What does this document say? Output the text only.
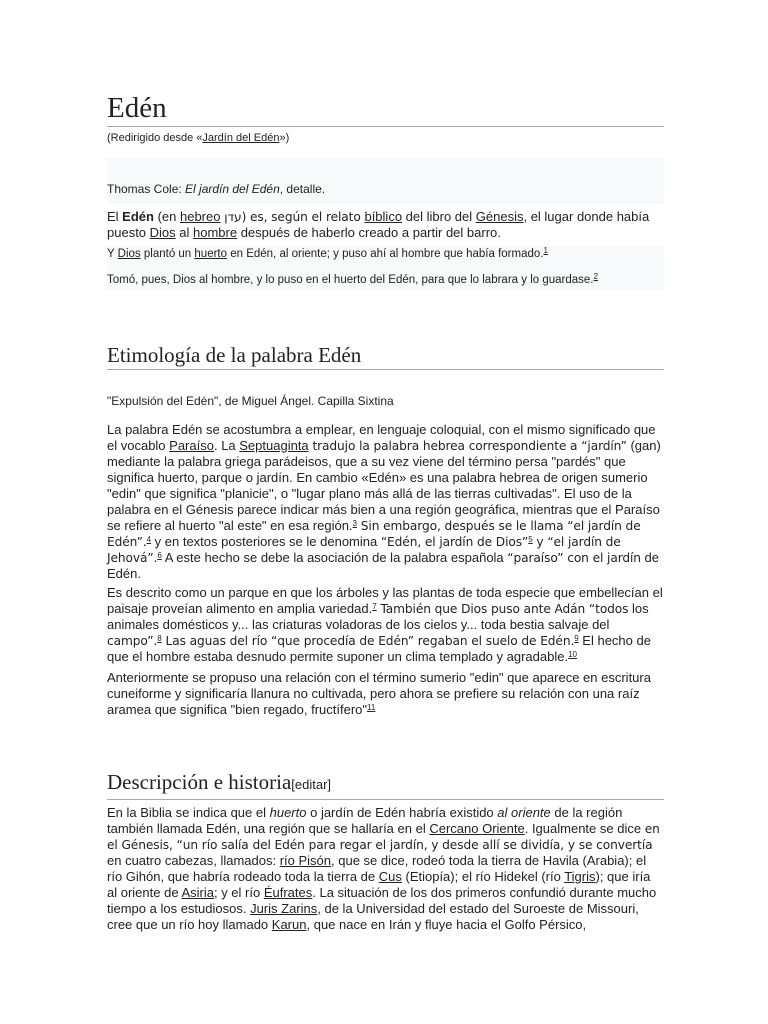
Edén
(Redirigido desde «Jardín del Edén»)
Thomas Cole: El jardín del Edén, detalle.
El Edén (en hebreo עדן) es, según el relato bíblico del libro del Génesis, el lugar donde había puesto Dios al hombre después de haberlo creado a partir del barro.
Y Dios plantó un huerto en Edén, al oriente; y puso ahí al hombre que había formado.$^1$
Tomó, pues, Dios al hombre, y lo puso en el huerto del Edén, para que lo labrara y lo guardase.$^2$
Etimología de la palabra Edén
"Expulsión del Edén", de Miguel Ángel. Capilla Sixtina
La palabra Edén se acostumbra a emplear, en lenguaje coloquial, con el mismo significado que el vocablo Paraíso. La Septuaginta tradujo la palabra hebrea correspondiente a “jardín” (gan) mediante la palabra griega parádeisos, que a su vez viene del término persa "pardés" que significa huerto, parque o jardín. En cambio «Edén» es una palabra hebrea de origen sumerio "edin" que significa "planicie", o "lugar plano más allá de las tierras cultivadas". El uso de la palabra en el Génesis parece indicar más bien a una región geográfica, mientras que el Paraíso se refiere al huerto "al este" en esa región.$^3$ Sin embargo, después se le llama “el jardín de Edén”.$^4$ y en textos posteriores se le denomina “Edén, el jardín de Dios”$^5$ y “el jardín de Jehová”.$^6$ A este hecho se debe la asociación de la palabra española “paraíso” con el jardín de Edén.
Es descrito como un parque en que los árboles y las plantas de toda especie que embellecían el paisaje proveían alimento en amplia variedad.$^7$ También que Dios puso ante Adán “todos los animales domésticos y... las criaturas voladoras de los cielos y... toda bestia salvaje del campo”.$^8$ Las aguas del río “que procedía de Edén” regaban el suelo de Edén.$^9$ El hecho de que el hombre estaba desnudo permite suponer un clima templado y agradable.$^{10}$
Anteriormente se propuso una relación con el término sumerio "edin" que aparece en escritura cuneiforme y significaría llanura no cultivada, pero ahora se prefiere su relación con una raíz aramea que significa "bien regado, fructífero"$^{11}$
Descripción e historia[editar]
En la Biblia se indica que el huerto o jardín de Edén habría existido al oriente de la región también llamada Edén, una región que se hallaría en el Cercano Oriente. Igualmente se dice en el Génesis, “un río salía del Edén para regar el jardín, y desde allí se dividía, y se convertía en cuatro cabezas, llamados: río Pisón, que se dice, rodeó toda la tierra de Havila (Arabia); el río Gihón, que habría rodeado toda la tierra de Cus (Etiopía); el río Hidekel (río Tigris); que iría al oriente de Asiria; y el río Éufrates. La situación de los dos primeros confundió durante mucho tiempo a los estudiosos. Juris Zarins, de la Universidad del estado del Suroeste de Missouri, cree que un río hoy llamado Karun, que nace en Irán y fluye hacia el Golfo Pérsico,
